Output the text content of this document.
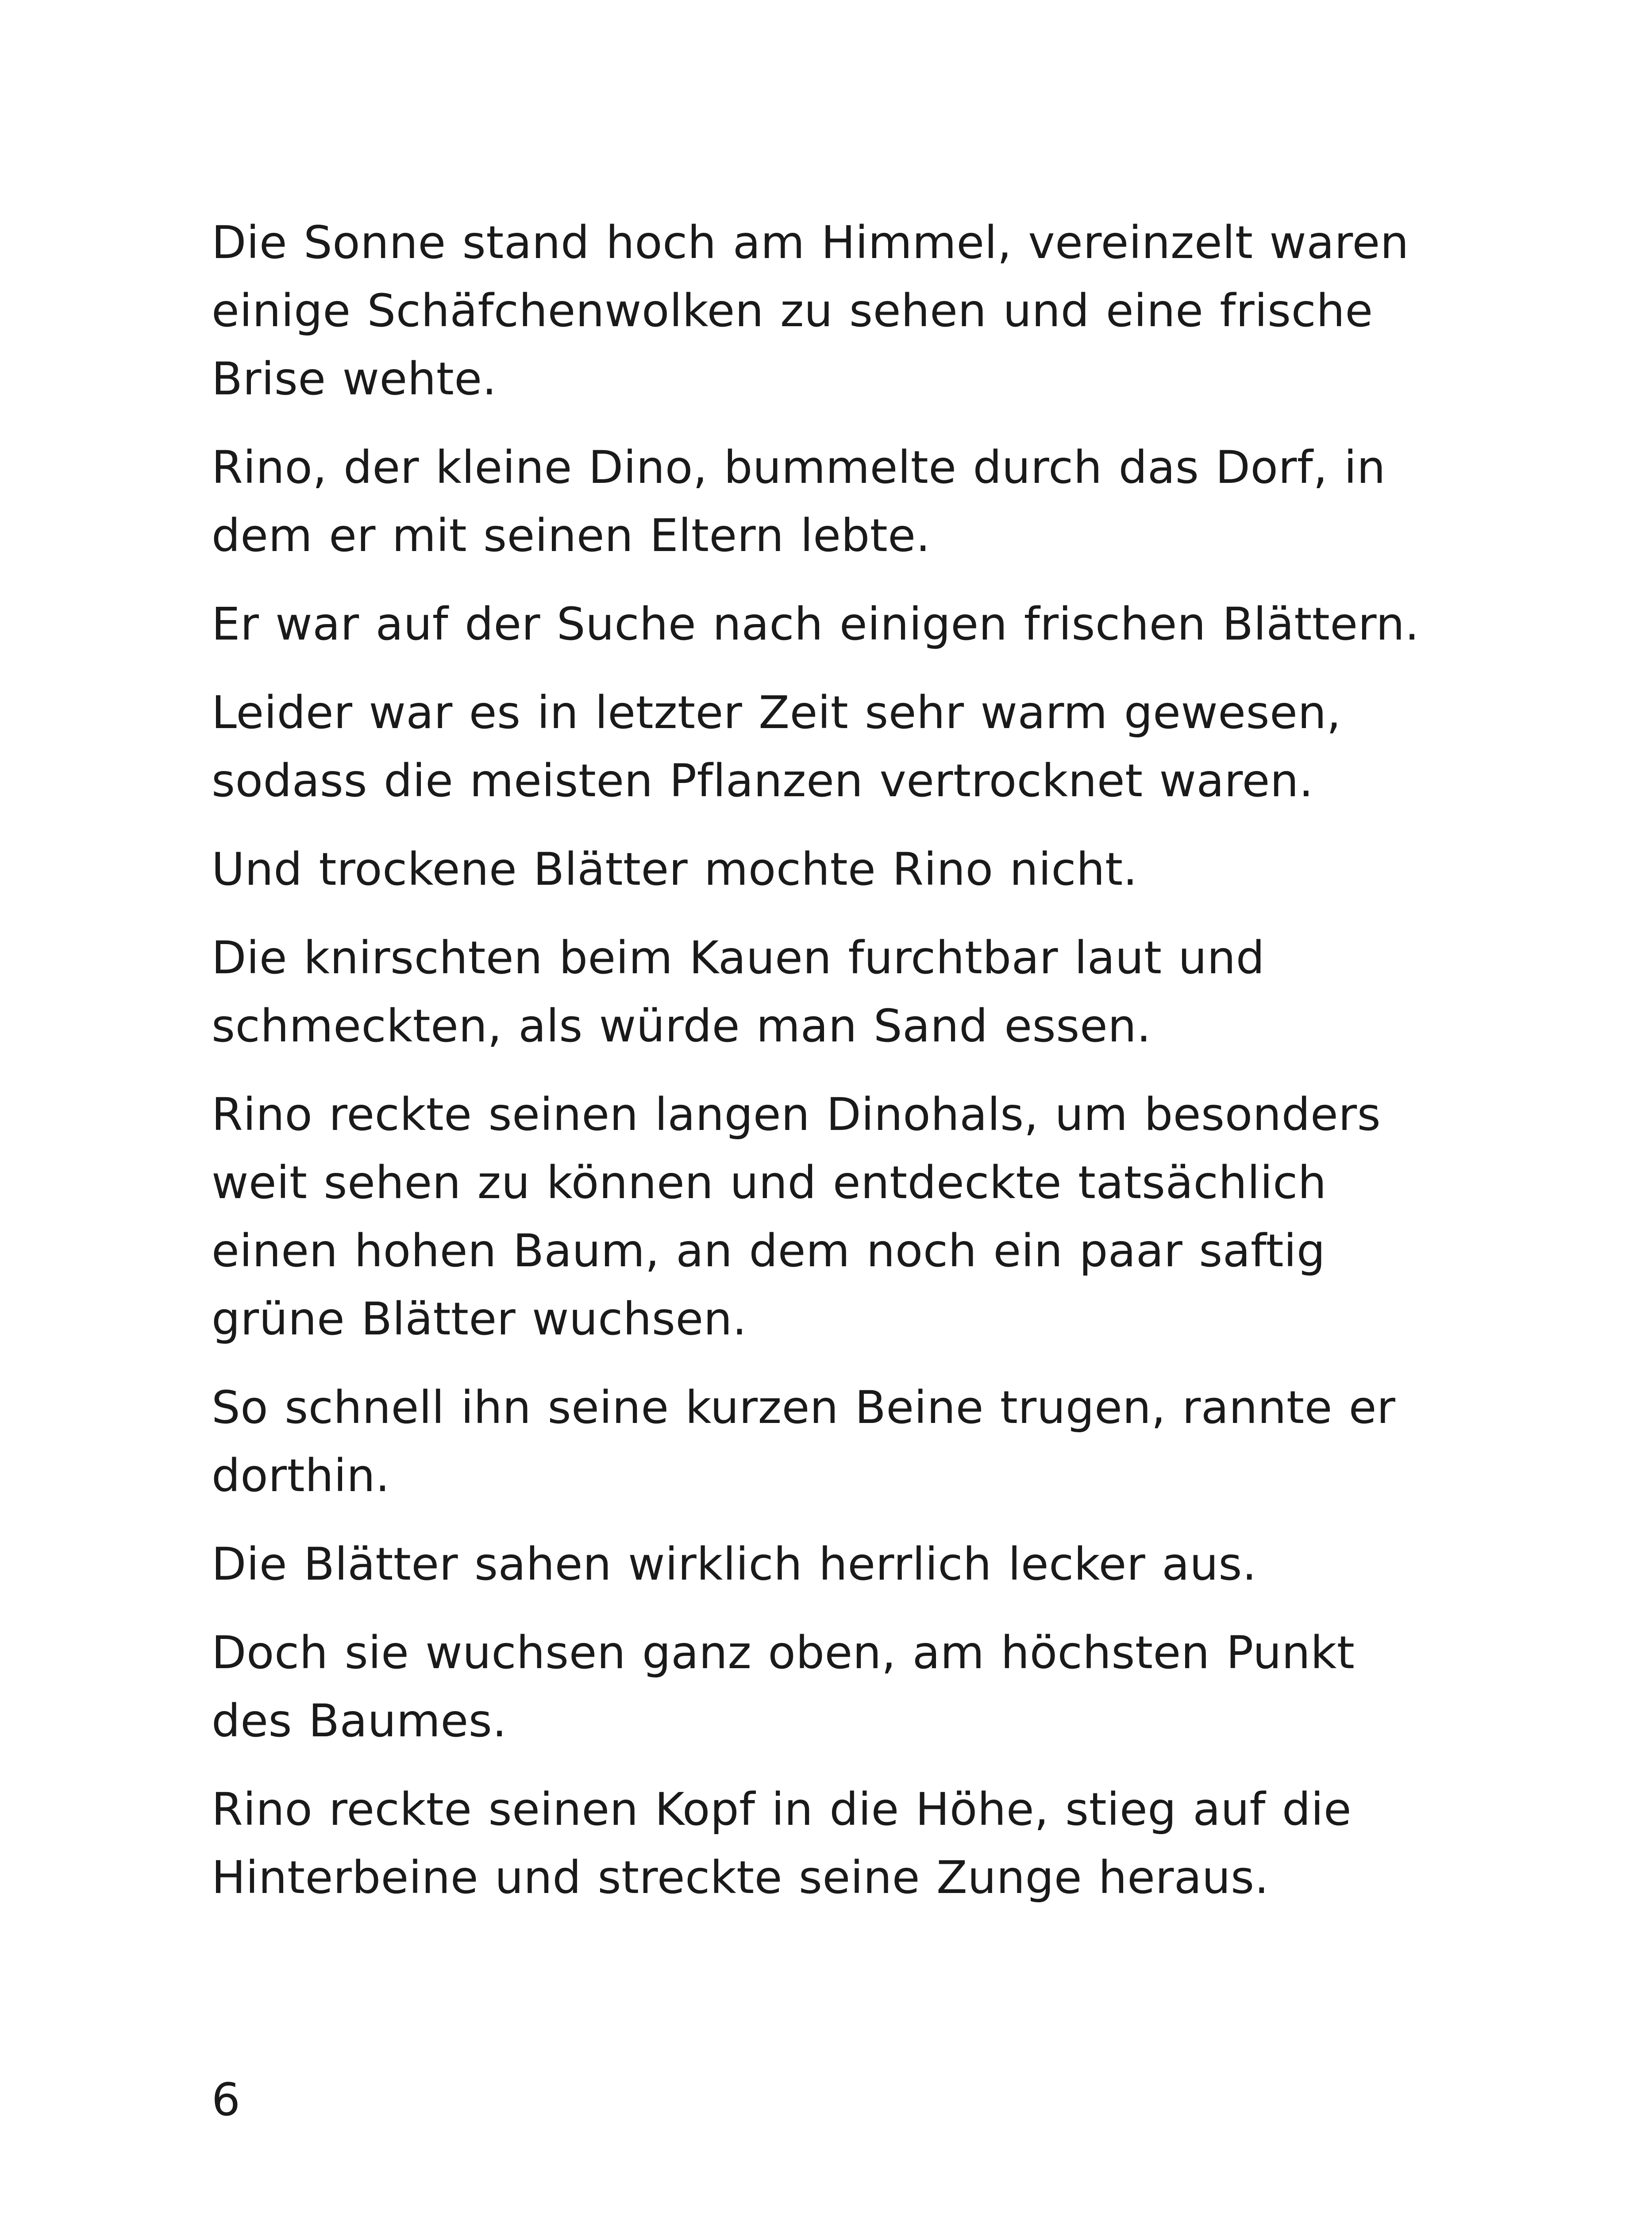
Die Sonne stand hoch am Himmel, vereinzelt waren
einige Schäfchenwolken zu sehen und eine frische
Brise wehte.

Rino, der kleine Dino, bummelte durch das Dorf, in
dem er mit seinen Eltern lebte.

Er war auf der Suche nach einigen frischen Blättern.

Leider war es in letzter Zeit sehr warm gewesen,
sodass die meisten Pflanzen vertrocknet waren.

Und trockene Blätter mochte Rino nicht.

Die knirschten beim Kauen furchtbar laut und
schmeckten, als würde man Sand essen.

Rino reckte seinen langen Dinohals, um besonders
weit sehen zu können und entdeckte tatsächlich
einen hohen Baum, an dem noch ein paar saftig
grüne Blätter wuchsen.

So schnell ihn seine kurzen Beine trugen, rannte er
dorthin.

Die Blätter sahen wirklich herrlich lecker aus.

Doch sie wuchsen ganz oben, am höchsten Punkt
des Baumes.

Rino reckte seinen Kopf in die Höhe, stieg auf die
Hinterbeine und streckte seine Zunge heraus.

6
